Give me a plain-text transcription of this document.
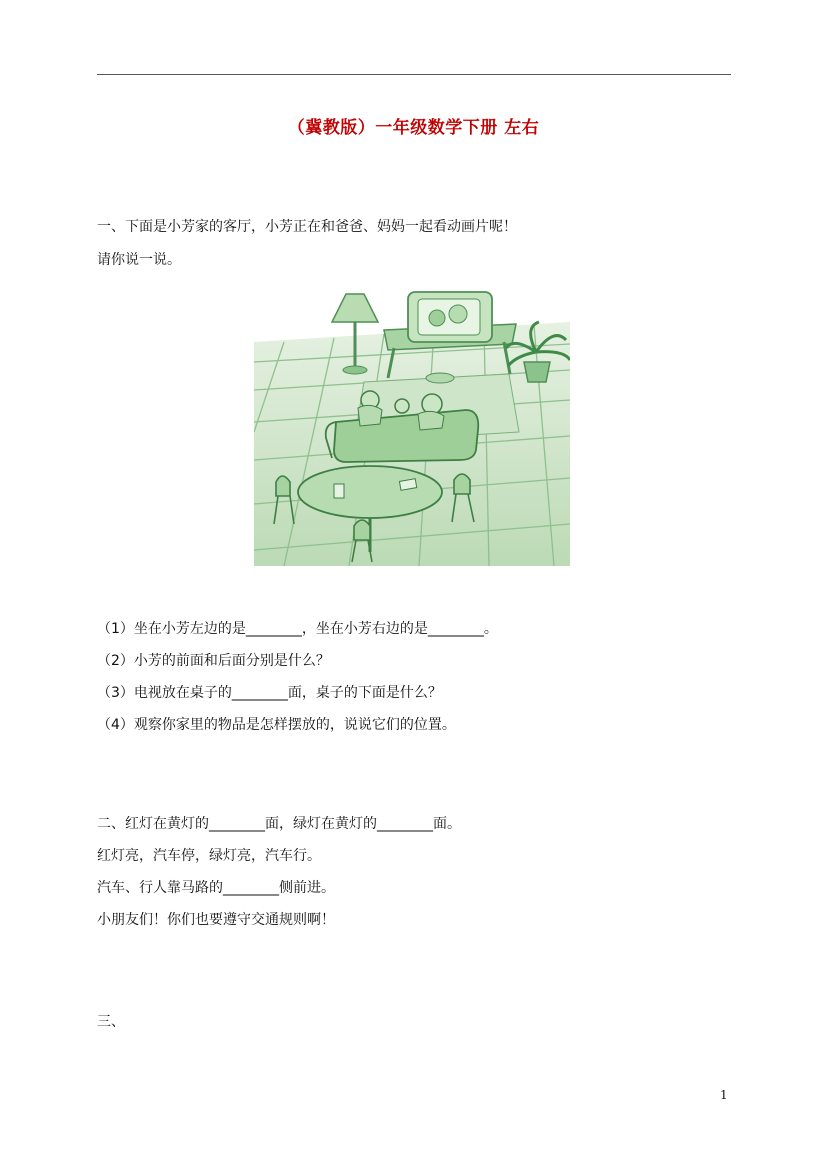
（冀教版）一年级数学下册 左右
一、下面是小芳家的客厅，小芳正在和爸爸、妈妈一起看动画片呢！
请你说一说。
（1）坐在小芳左边的是________，坐在小芳右边的是________。
（2）小芳的前面和后面分别是什么？
（3）电视放在桌子的________面，桌子的下面是什么？
（4）观察你家里的物品是怎样摆放的，说说它们的位置。
二、红灯在黄灯的________面，绿灯在黄灯的________面。
红灯亮，汽车停，绿灯亮，汽车行。
汽车、行人靠马路的________侧前进。
小朋友们！你们也要遵守交通规则啊！
三、
1
